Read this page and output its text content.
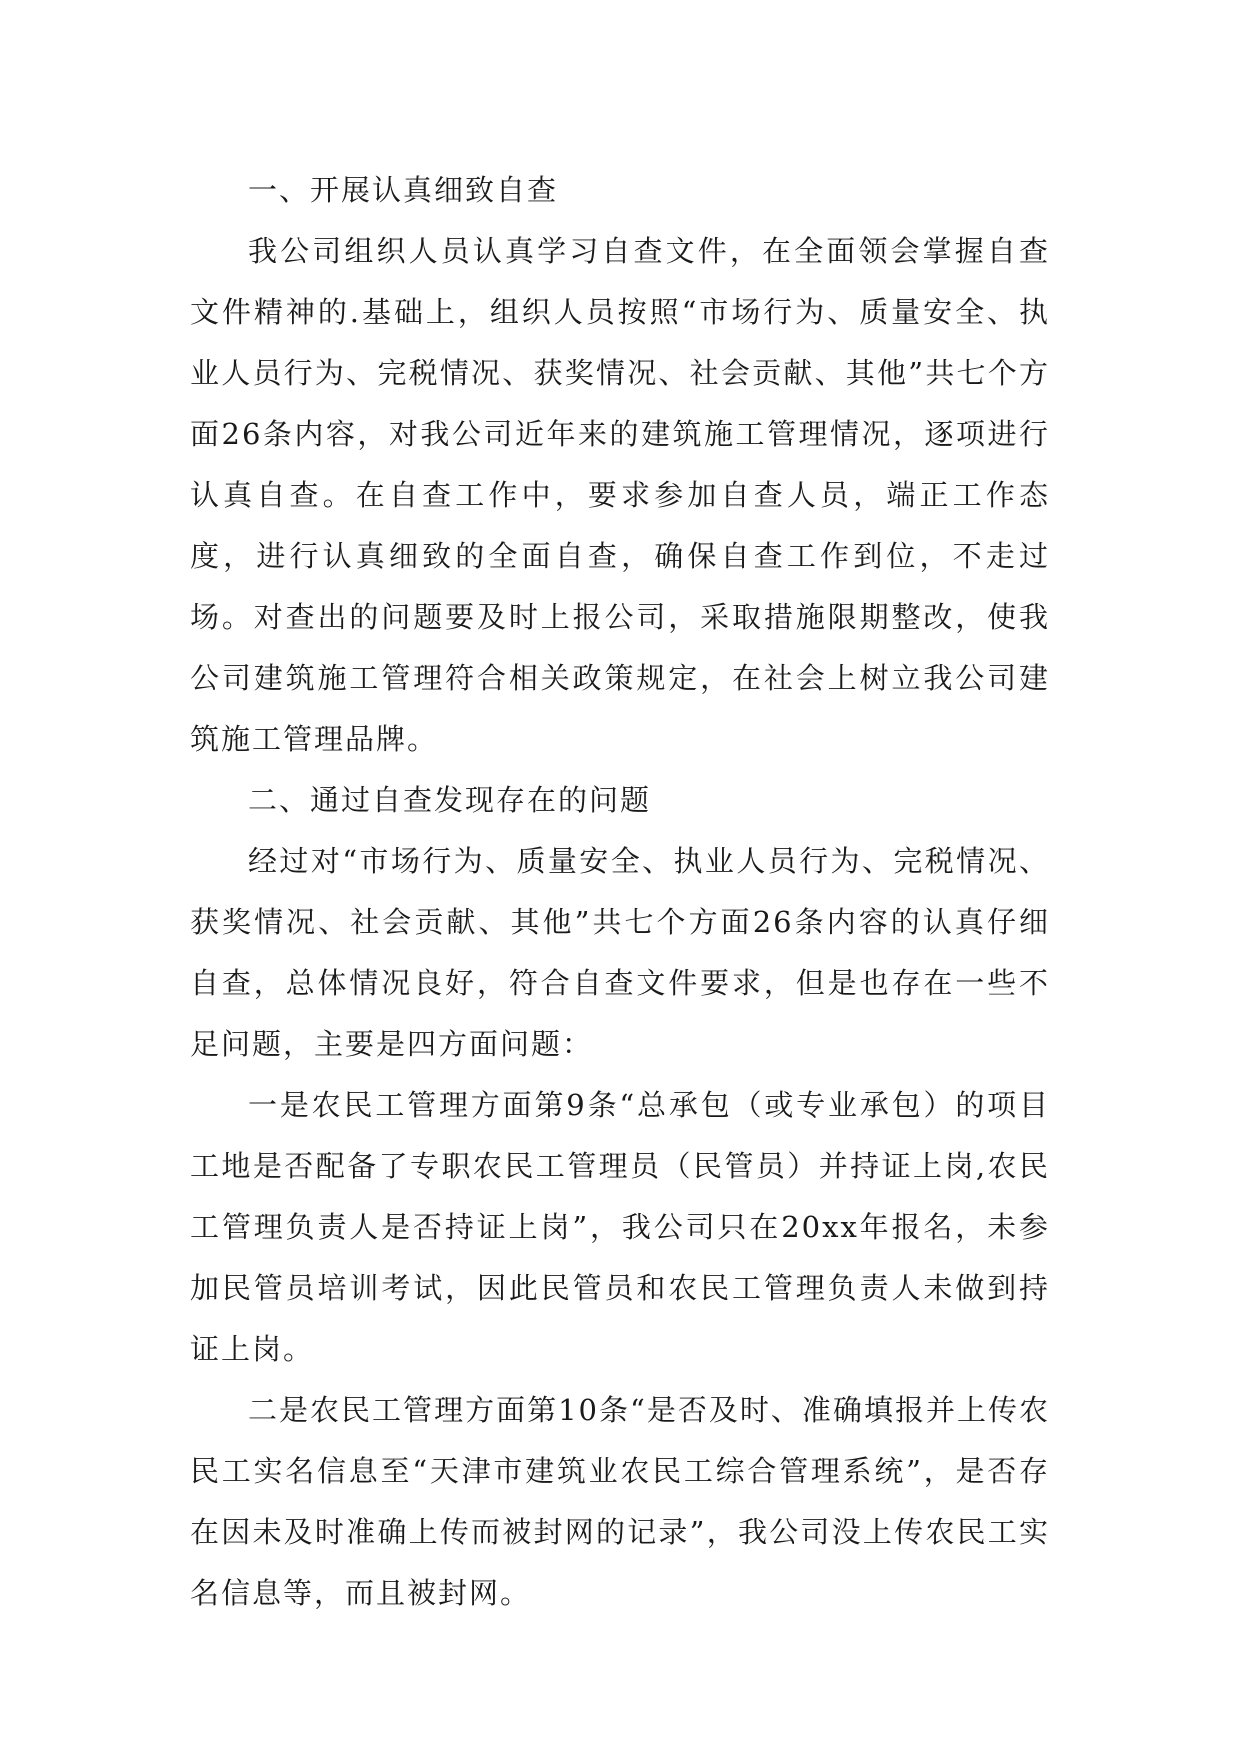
一、开展认真细致自查

我公司组织人员认真学习自查文件，在全面领会掌握自查文件精神的.基础上，组织人员按照“市场行为、质量安全、执业人员行为、完税情况、获奖情况、社会贡献、其他”共七个方面26条内容，对我公司近年来的建筑施工管理情况，逐项进行认真自查。在自查工作中，要求参加自查人员，端正工作态度，进行认真细致的全面自查，确保自查工作到位，不走过场。对查出的问题要及时上报公司，采取措施限期整改，使我公司建筑施工管理符合相关政策规定，在社会上树立我公司建筑施工管理品牌。

二、通过自查发现存在的问题

经过对“市场行为、质量安全、执业人员行为、完税情况、获奖情况、社会贡献、其他”共七个方面26条内容的认真仔细自查，总体情况良好，符合自查文件要求，但是也存在一些不足问题，主要是四方面问题：

一是农民工管理方面第9条“总承包（或专业承包）的项目工地是否配备了专职农民工管理员（民管员）并持证上岗,农民工管理负责人是否持证上岗”，我公司只在20xx年报名，未参加民管员培训考试，因此民管员和农民工管理负责人未做到持证上岗。

二是农民工管理方面第10条“是否及时、准确填报并上传农民工实名信息至“天津市建筑业农民工综合管理系统”，是否存在因未及时准确上传而被封网的记录”，我公司没上传农民工实名信息等，而且被封网。
